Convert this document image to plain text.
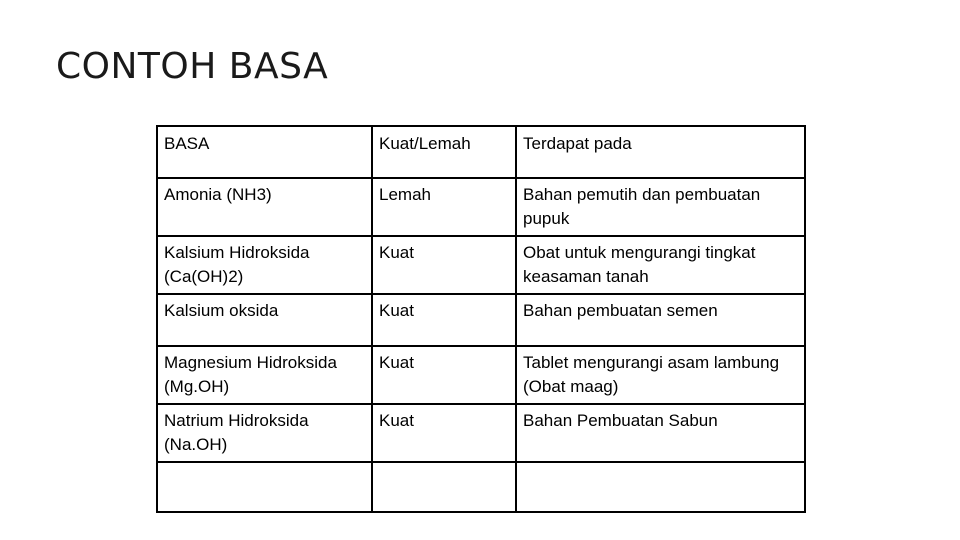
CONTOH BASA
BASA	Kuat/Lemah	Terdapat pada
Amonia (NH3)	Lemah	Bahan pemutih dan pembuatan pupuk
Kalsium Hidroksida (Ca(OH)2)	Kuat	Obat untuk mengurangi tingkat keasaman tanah
Kalsium oksida	Kuat	Bahan pembuatan semen
Magnesium Hidroksida (Mg.OH)	Kuat	Tablet mengurangi asam lambung (Obat maag)
Natrium Hidroksida (Na.OH)	Kuat	Bahan Pembuatan Sabun
